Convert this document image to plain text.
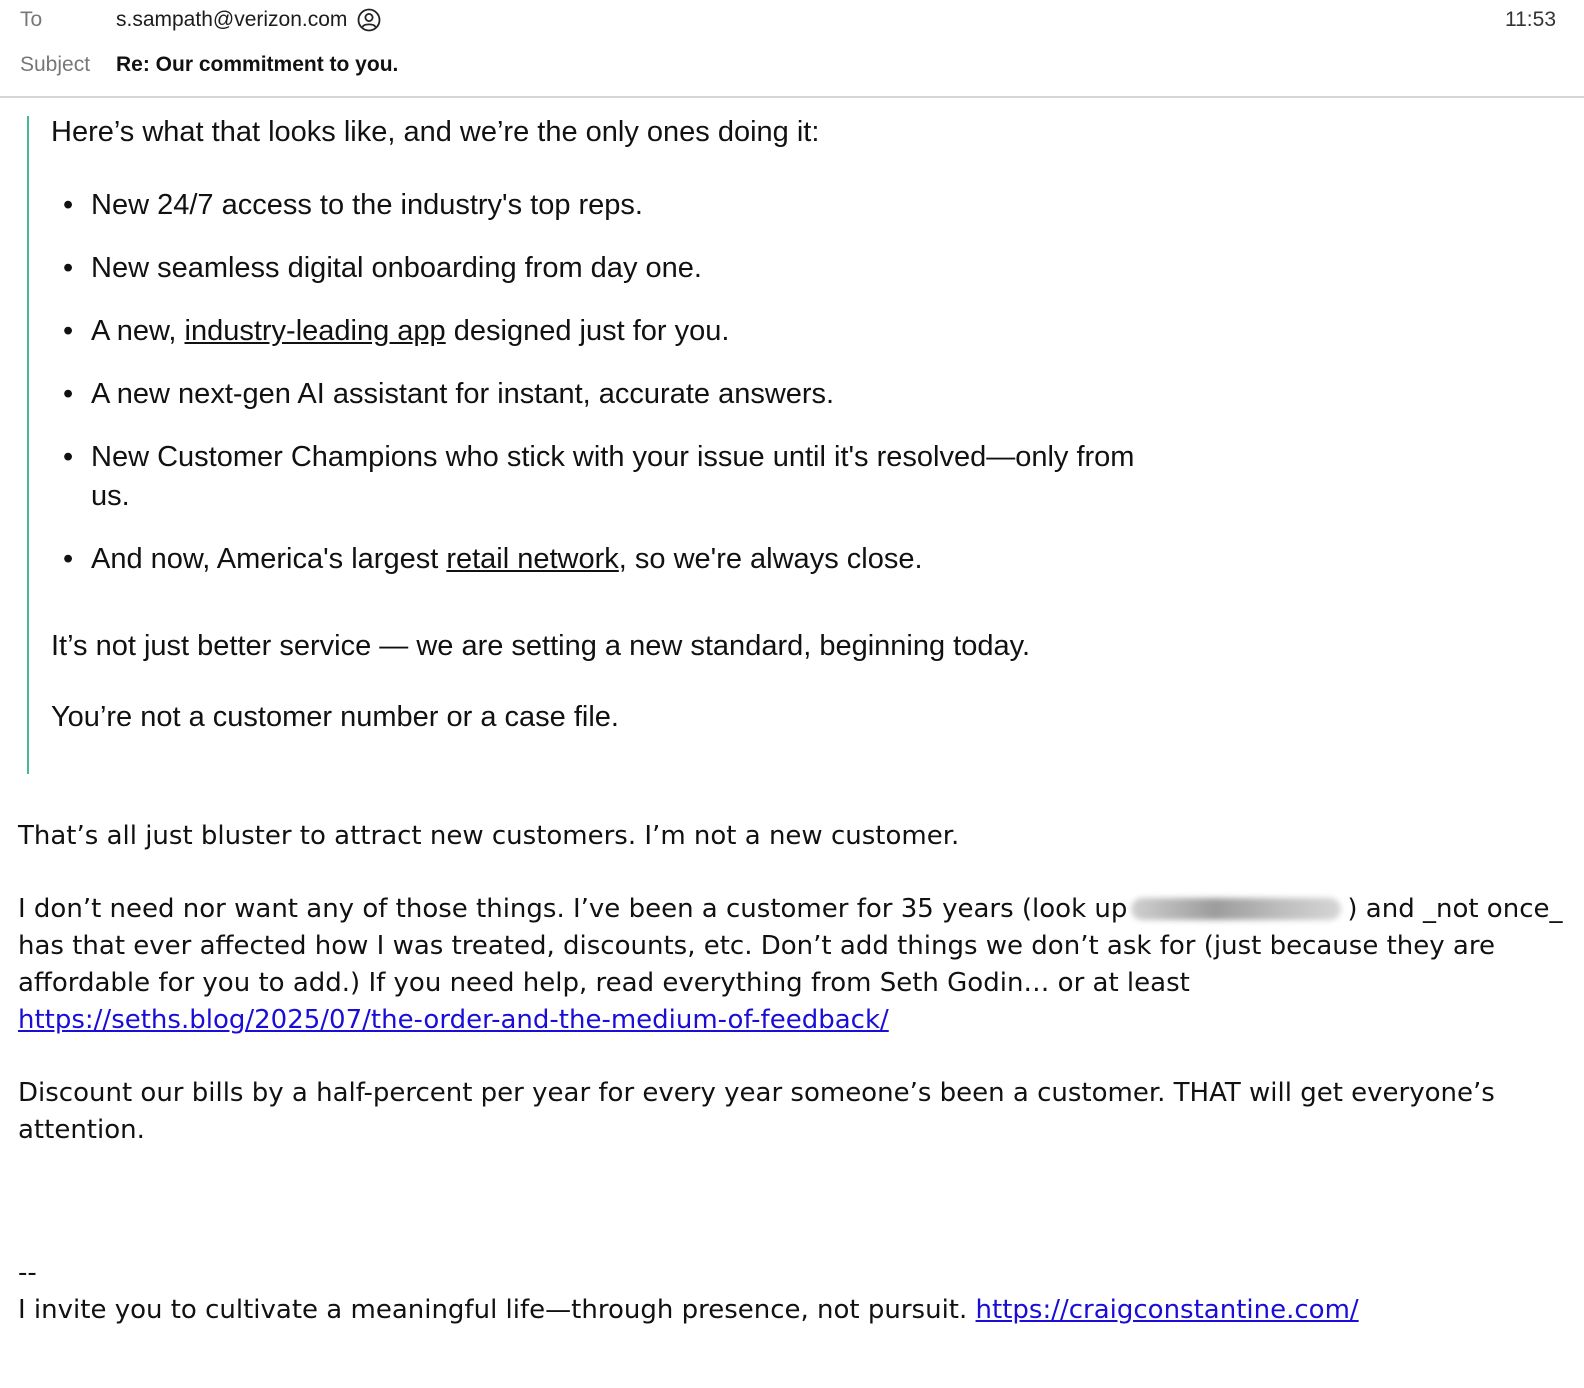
To	s.sampath@verizon.com	11:53
Subject Re: Our commitment to you.

Here’s what that looks like, and we’re the only ones doing it:

• New 24/7 access to the industry's top reps.
• New seamless digital onboarding from day one.
• A new, industry-leading app designed just for you.
• A new next-gen AI assistant for instant, accurate answers.
• New Customer Champions who stick with your issue until it's resolved—only from us.
• And now, America's largest retail network, so we're always close.

It’s not just better service — we are setting a new standard, beginning today.

You’re not a customer number or a case file.

That’s all just bluster to attract new customers. I’m not a new customer.

I don’t need nor want any of those things. I’ve been a customer for 35 years (look up	) and _not once_ has that ever affected how I was treated, discounts, etc. Don’t add things we don’t ask for (just because they are affordable for you to add.) If you need help, read everything from Seth Godin… or at least https://seths.blog/2025/07/the-order-and-the-medium-of-feedback/

Discount our bills by a half-percent per year for every year someone’s been a customer. THAT will get everyone’s attention.

--
I invite you to cultivate a meaningful life—through presence, not pursuit. https://craigconstantine.com/
